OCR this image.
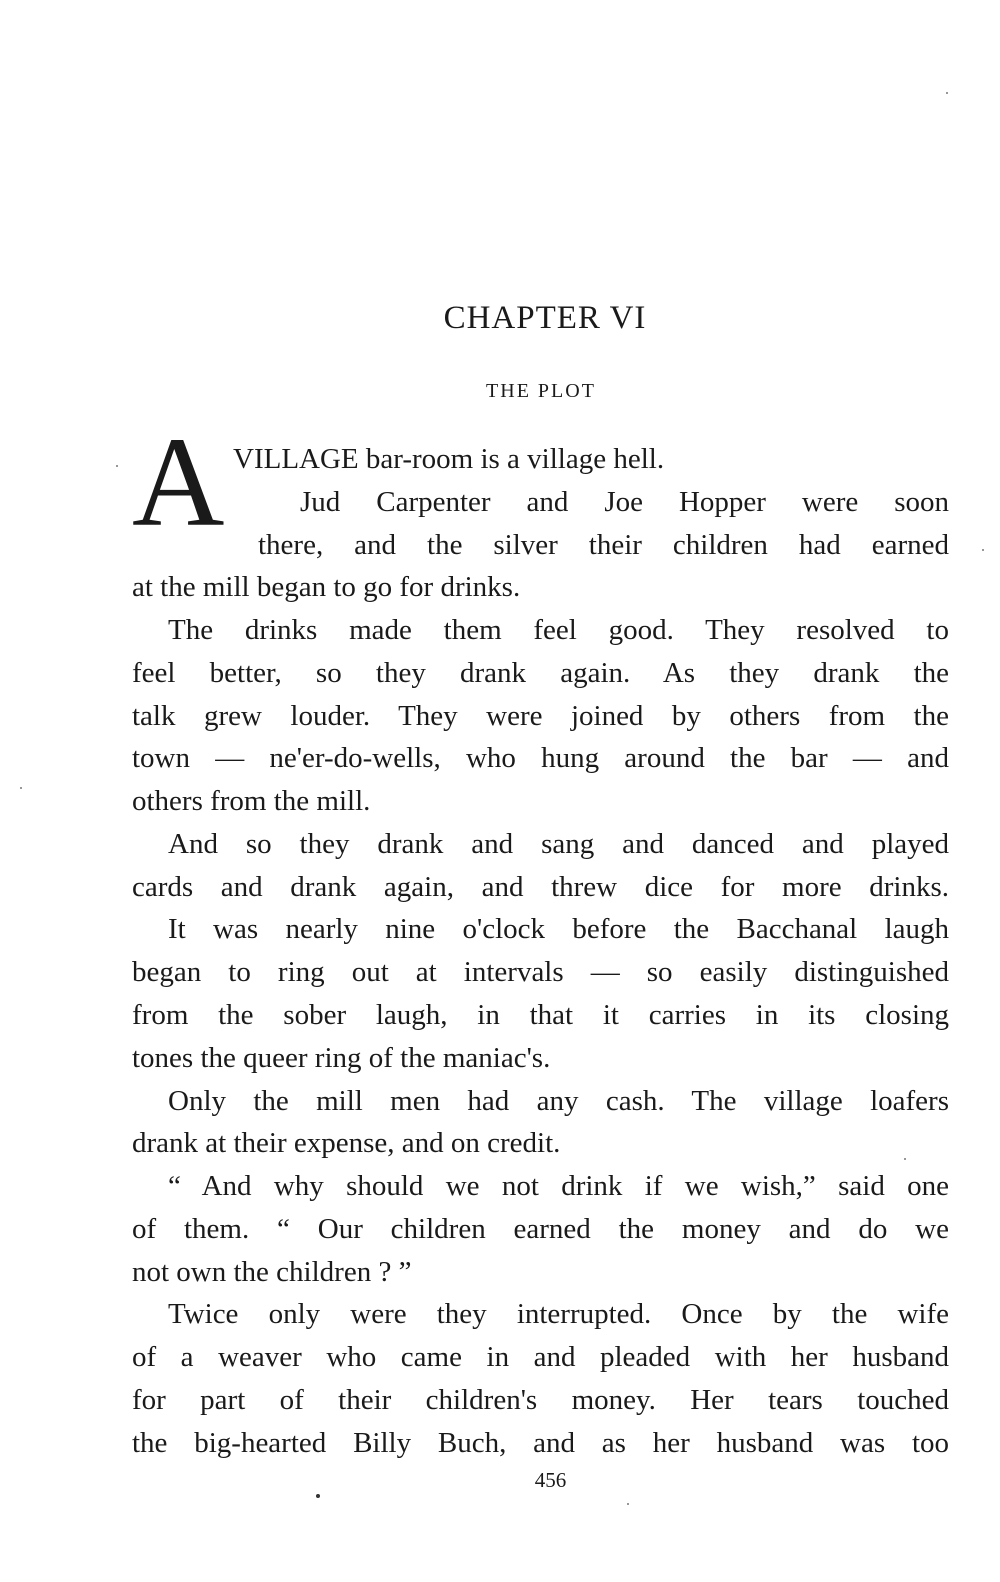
CHAPTER VI
THE PLOT
A VILLAGE bar-room is a village hell.
Jud Carpenter and Joe Hopper were soon
there, and the silver their children had earned
at the mill began to go for drinks.
The drinks made them feel good. They resolved to
feel better, so they drank again. As they drank the
talk grew louder. They were joined by others from the
town — ne'er-do-wells, who hung around the bar — and
others from the mill.
And so they drank and sang and danced and played
cards and drank again, and threw dice for more drinks.
It was nearly nine o'clock before the Bacchanal laugh
began to ring out at intervals — so easily distinguished
from the sober laugh, in that it carries in its closing
tones the queer ring of the maniac's.
Only the mill men had any cash. The village loafers
drank at their expense, and on credit.
“ And why should we not drink if we wish,” said one
of them. “ Our children earned the money and do we
not own the children ? ”
Twice only were they interrupted. Once by the wife
of a weaver who came in and pleaded with her husband
for part of their children's money. Her tears touched
the big-hearted Billy Buch, and as her husband was too
456
